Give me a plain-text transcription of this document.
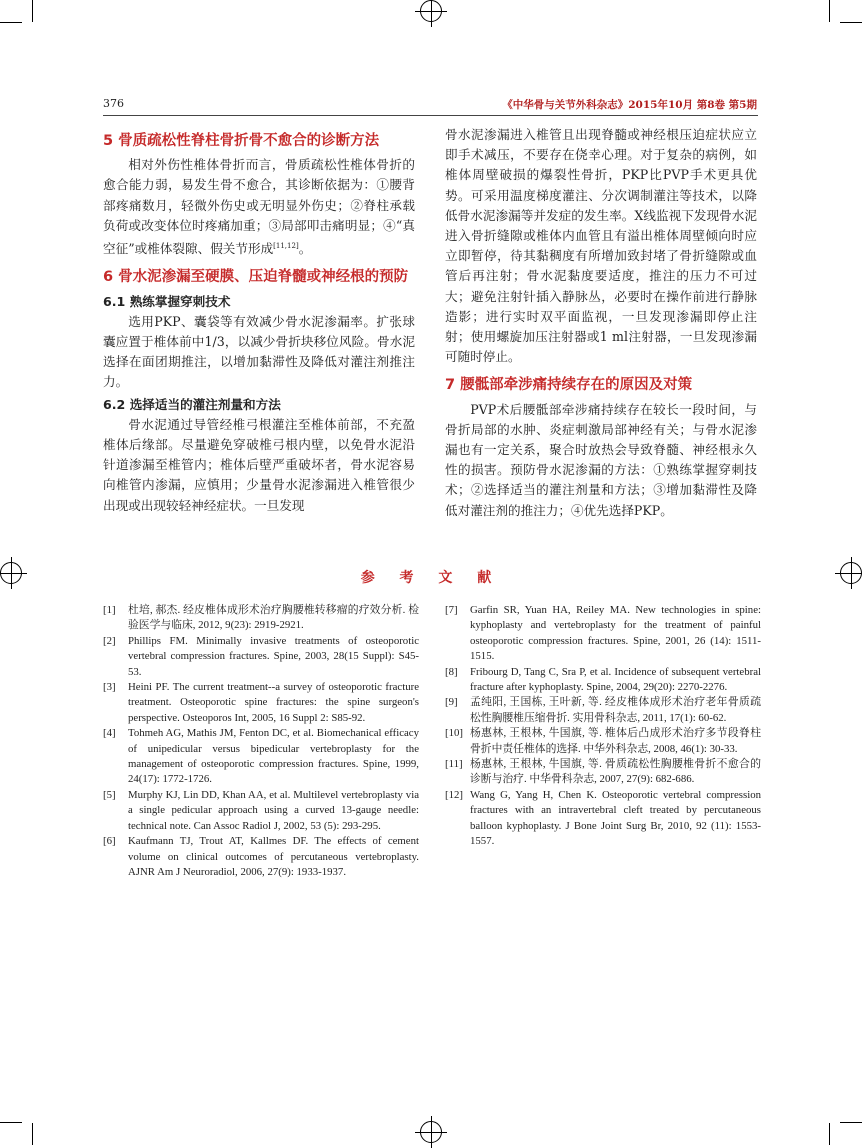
376	《中华骨与关节外科杂志》2015年10月 第8卷 第5期
5 骨质疏松性脊柱骨折骨不愈合的诊断方法

相对外伤性椎体骨折而言，骨质疏松性椎体骨折的愈合能力弱，易发生骨不愈合，其诊断依据为：①腰背部疼痛数月，轻微外伤史或无明显外伤史；②脊柱承载负荷或改变体位时疼痛加重；③局部叩击痛明显；④“真空征”或椎体裂隙、假关节形成[11,12]。

6 骨水泥渗漏至硬膜、压迫脊髓或神经根的预防
6.1 熟练掌握穿刺技术

选用PKP、囊袋等有效减少骨水泥渗漏率。扩张球囊应置于椎体前中1/3，以减少骨折块移位风险。骨水泥选择在面团期推注，以增加黏滞性及降低对灌注剂推注力。

6.2 选择适当的灌注剂量和方法

骨水泥通过导管经椎弓根灌注至椎体前部，不充盈椎体后缘部。尽量避免穿破椎弓根内壁，以免骨水泥沿针道渗漏至椎管内；椎体后壁严重破坏者，骨水泥容易向椎管内渗漏，应慎用；少量骨水泥渗漏进入椎管很少出现或出现较轻神经症状。一旦发现

骨水泥渗漏进入椎管且出现脊髓或神经根压迫症状应立即手术减压，不要存在侥幸心理。对于复杂的病例，如椎体周壁破损的爆裂性骨折，PKP比PVP手术更具优势。可采用温度梯度灌注、分次调制灌注等技术，以降低骨水泥渗漏等并发症的发生率。X线监视下发现骨水泥进入骨折缝隙或椎体内血管且有溢出椎体周壁倾向时应立即暂停，待其黏稠度有所增加致封堵了骨折缝隙或血管后再注射；骨水泥黏度要适度，推注的压力不可过大；避免注射针插入静脉丛，必要时在操作前进行静脉造影；进行实时双平面监视，一旦发现渗漏即停止注射；使用螺旋加压注射器或1 ml注射器，一旦发现渗漏可随时停止。

7 腰骶部牵涉痛持续存在的原因及对策

PVP术后腰骶部牵涉痛持续存在较长一段时间，与骨折局部的水肿、炎症刺激局部神经有关；与骨水泥渗漏也有一定关系，聚合时放热会导致脊髓、神经根永久性的损害。预防骨水泥渗漏的方法：①熟练掌握穿刺技术；②选择适当的灌注剂量和方法；③增加黏滞性及降低对灌注剂的推注力；④优先选择PKP。

参 考 文 献
[1]	杜培, 郝杰. 经皮椎体成形术治疗胸腰椎转移瘤的疗效分析. 检验医学与临床, 2012, 9(23): 2919-2921.
[2]	Phillips FM. Minimally invasive treatments of osteoporotic vertebral compression fractures. Spine, 2003, 28(15 Suppl): S45-53.
[3]	Heini PF. The current treatment--a survey of osteoporotic fracture treatment. Osteoporotic spine fractures: the spine surgeon's perspective. Osteoporos Int, 2005, 16 Suppl 2: S85-92.
[4]	Tohmeh AG, Mathis JM, Fenton DC, et al. Biomechanical efficacy of unipedicular versus bipedicular vertebroplasty for the management of osteoporotic compression fractures. Spine, 1999, 24(17): 1772-1726.
[5]	Murphy KJ, Lin DD, Khan AA, et al. Multilevel vertebroplasty via a single pedicular approach using a curved 13-gauge needle: technical note. Can Assoc Radiol J, 2002, 53 (5): 293-295.
[6]	Kaufmann TJ, Trout AT, Kallmes DF. The effects of cement volume on clinical outcomes of percutaneous vertebroplasty. AJNR Am J Neuroradiol, 2006, 27(9): 1933-1937.
[7]	Garfin SR, Yuan HA, Reiley MA. New technologies in spine: kyphoplasty and vertebroplasty for the treatment of painful osteoporotic compression fractures. Spine, 2001, 26 (14): 1511-1515.
[8]	Fribourg D, Tang C, Sra P, et al. Incidence of subsequent vertebral fracture after kyphoplasty. Spine, 2004, 29(20): 2270-2276.
[9]	孟纯阳, 王国栋, 王叶新, 等. 经皮椎体成形术治疗老年骨质疏松性胸腰椎压缩骨折. 实用骨科杂志, 2011, 17(1): 60-62.
[10] 杨惠林, 王根林, 牛国旗, 等. 椎体后凸成形术治疗多节段脊柱骨折中责任椎体的选择. 中华外科杂志, 2008, 46(1): 30-33.
[11] 杨惠林, 王根林, 牛国旗, 等. 骨质疏松性胸腰椎骨折不愈合的诊断与治疗. 中华骨科杂志, 2007, 27(9): 682-686.
[12] Wang G, Yang H, Chen K. Osteoporotic vertebral compression fractures with an intravertebral cleft treated by percutaneous balloon kyphoplasty. J Bone Joint Surg Br, 2010, 92 (11): 1553-1557.
